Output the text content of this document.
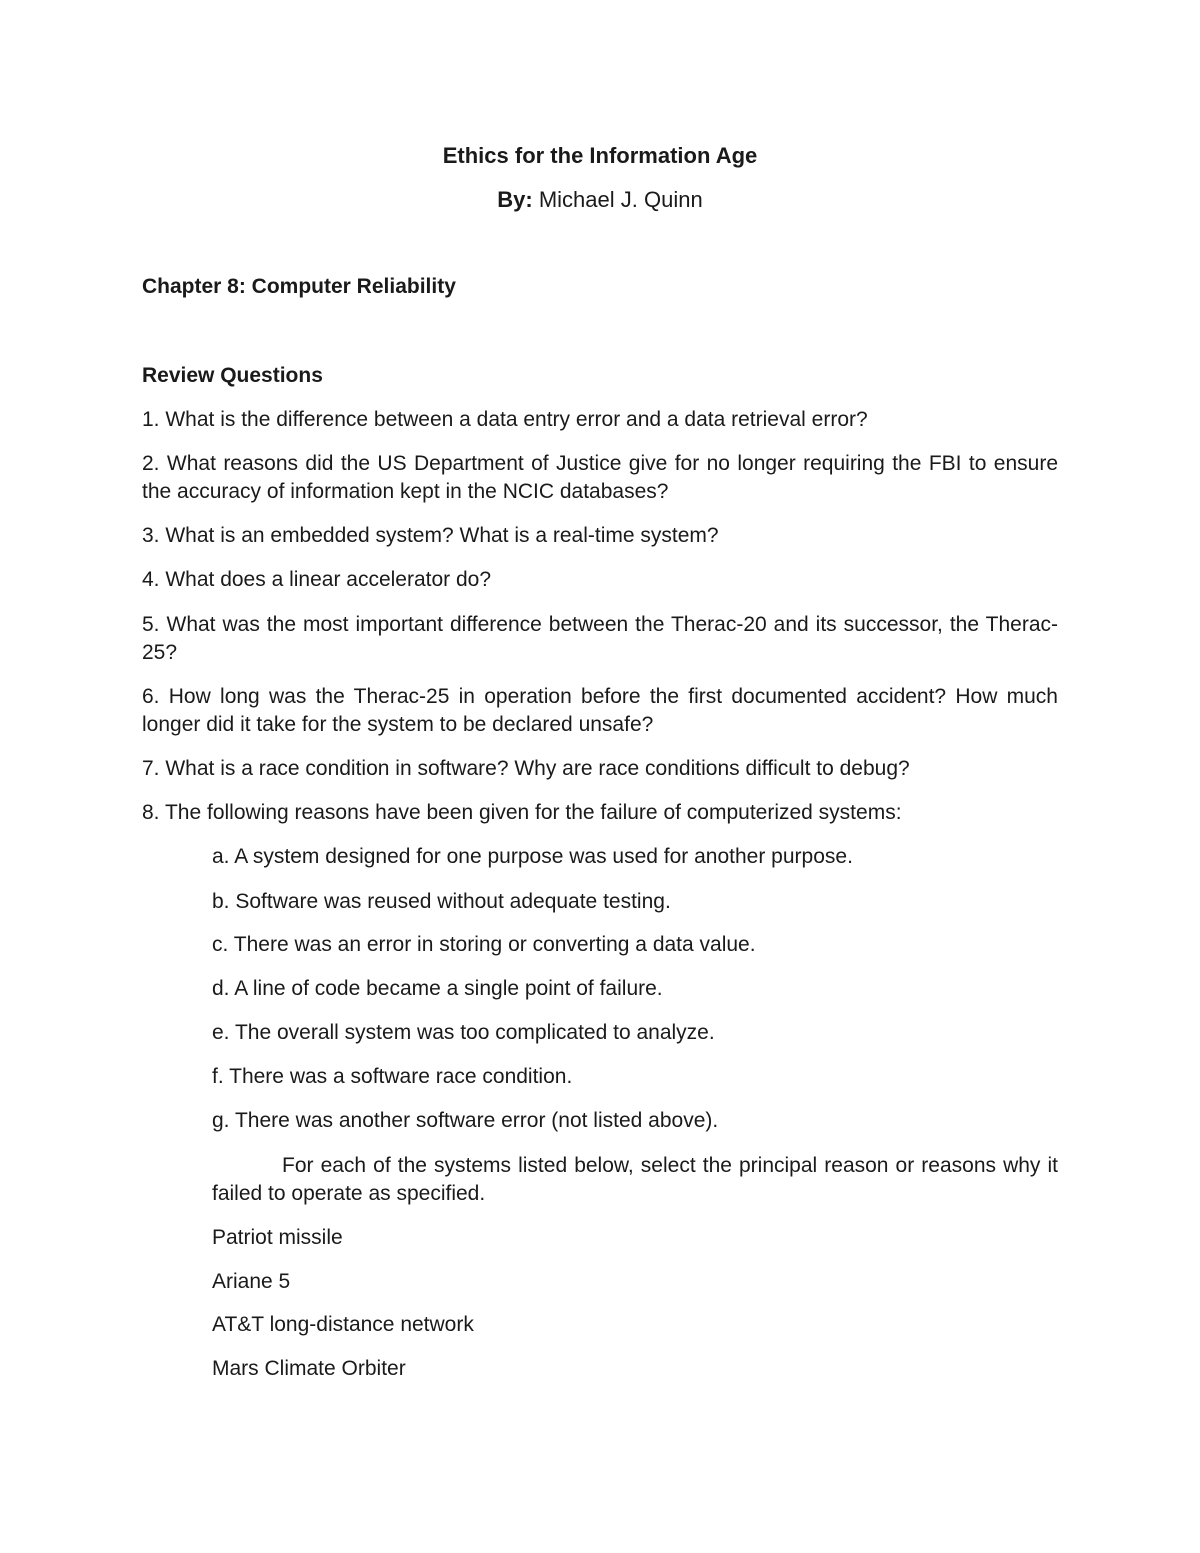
Ethics for the Information Age
By: Michael J. Quinn
Chapter 8: Computer Reliability
Review Questions
1. What is the difference between a data entry error and a data retrieval error?
2. What reasons did the US Department of Justice give for no longer requiring the FBI to ensure the accuracy of information kept in the NCIC databases?
3. What is an embedded system? What is a real-time system?
4. What does a linear accelerator do?
5. What was the most important difference between the Therac-20 and its successor, the Therac-25?
6. How long was the Therac-25 in operation before the first documented accident? How much longer did it take for the system to be declared unsafe?
7. What is a race condition in software? Why are race conditions difficult to debug?
8. The following reasons have been given for the failure of computerized systems:
a. A system designed for one purpose was used for another purpose.
b. Software was reused without adequate testing.
c. There was an error in storing or converting a data value.
d. A line of code became a single point of failure.
e. The overall system was too complicated to analyze.
f. There was a software race condition.
g. There was another software error (not listed above).
For each of the systems listed below, select the principal reason or reasons why it failed to operate as specified.
Patriot missile
Ariane 5
AT&T long-distance network
Mars Climate Orbiter
